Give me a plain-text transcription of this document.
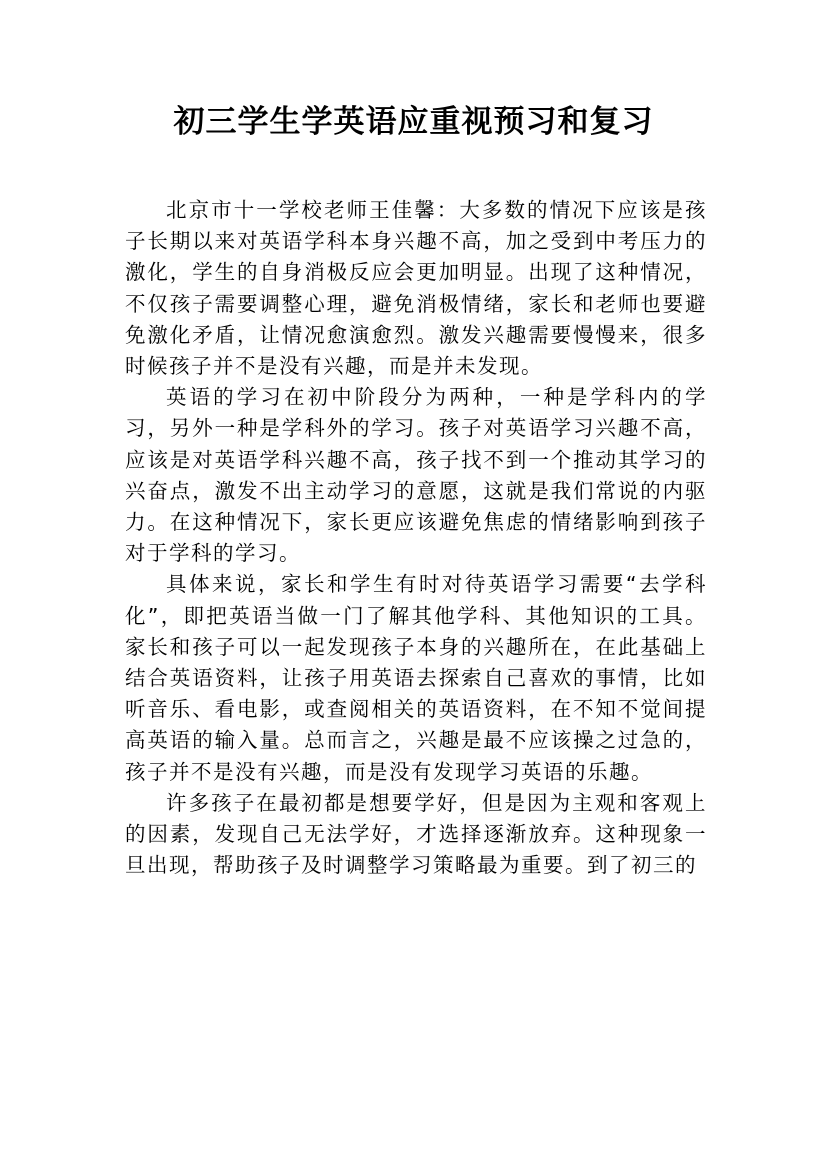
初三学生学英语应重视预习和复习

北京市十一学校老师王佳馨：大多数的情况下应该是孩子长期以来对英语学科本身兴趣不高，加之受到中考压力的激化，学生的自身消极反应会更加明显。出现了这种情况，不仅孩子需要调整心理，避免消极情绪，家长和老师也要避免激化矛盾，让情况愈演愈烈。激发兴趣需要慢慢来，很多时候孩子并不是没有兴趣，而是并未发现。

英语的学习在初中阶段分为两种，一种是学科内的学习，另外一种是学科外的学习。孩子对英语学习兴趣不高，应该是对英语学科兴趣不高，孩子找不到一个推动其学习的兴奋点，激发不出主动学习的意愿，这就是我们常说的内驱力。在这种情况下，家长更应该避免焦虑的情绪影响到孩子对于学科的学习。

具体来说，家长和学生有时对待英语学习需要“去学科化”，即把英语当做一门了解其他学科、其他知识的工具。家长和孩子可以一起发现孩子本身的兴趣所在，在此基础上结合英语资料，让孩子用英语去探索自己喜欢的事情，比如听音乐、看电影，或查阅相关的英语资料，在不知不觉间提高英语的输入量。总而言之，兴趣是最不应该操之过急的，孩子并不是没有兴趣，而是没有发现学习英语的乐趣。

许多孩子在最初都是想要学好，但是因为主观和客观上的因素，发现自己无法学好，才选择逐渐放弃。这种现象一旦出现，帮助孩子及时调整学习策略最为重要。到了初三的
